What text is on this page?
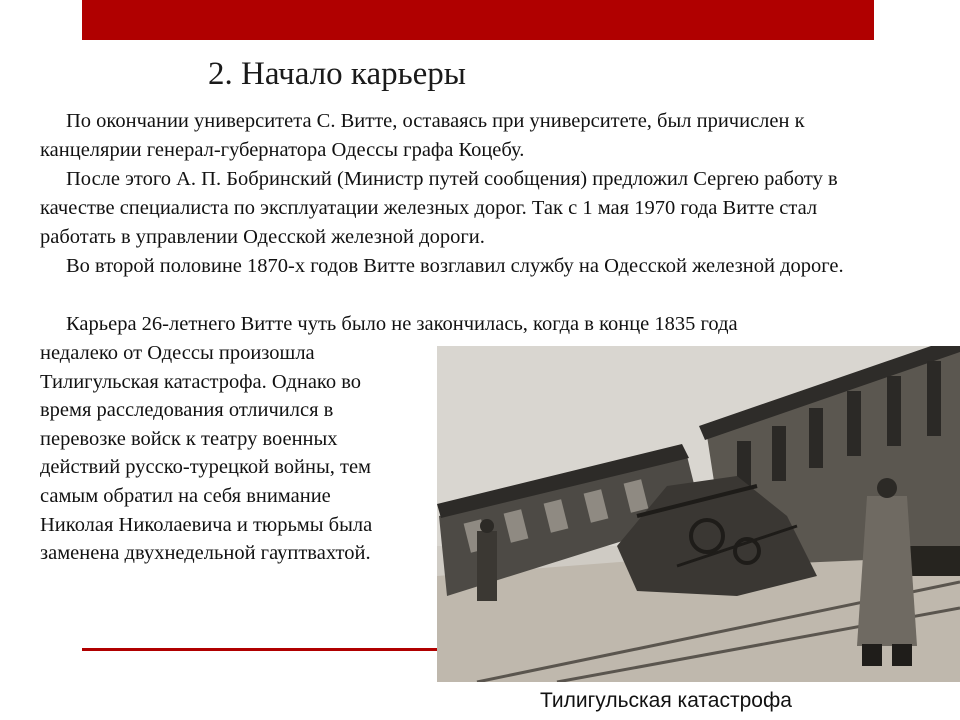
2. Начало карьеры

По окончании университета С. Витте, оставаясь при университете, был причислен к канцелярии генерал-губернатора Одессы графа Коцебу.

После этого А. П. Бобринский (Министр путей сообщения) предложил Сергею работу в качестве специалиста по эксплуатации железных дорог. Так с 1 мая 1970 года Витте стал работать в управлении Одесской железной дороги.

Во второй половине 1870-х годов Витте возглавил службу на Одесской железной дороге.

Карьера 26-летнего Витте чуть было не закончилась, когда в конце 1835 года

недалеко от Одессы произошла

Тилигульская катастрофа. Однако во

время расследования отличился в

перевозке войск к театру военных

действий русско-турецкой войны, тем

самым обратил на себя внимание

Николая Николаевича и тюрьмы была

заменена двухнедельной гауптвахтой.

Тилигульская катастрофа
